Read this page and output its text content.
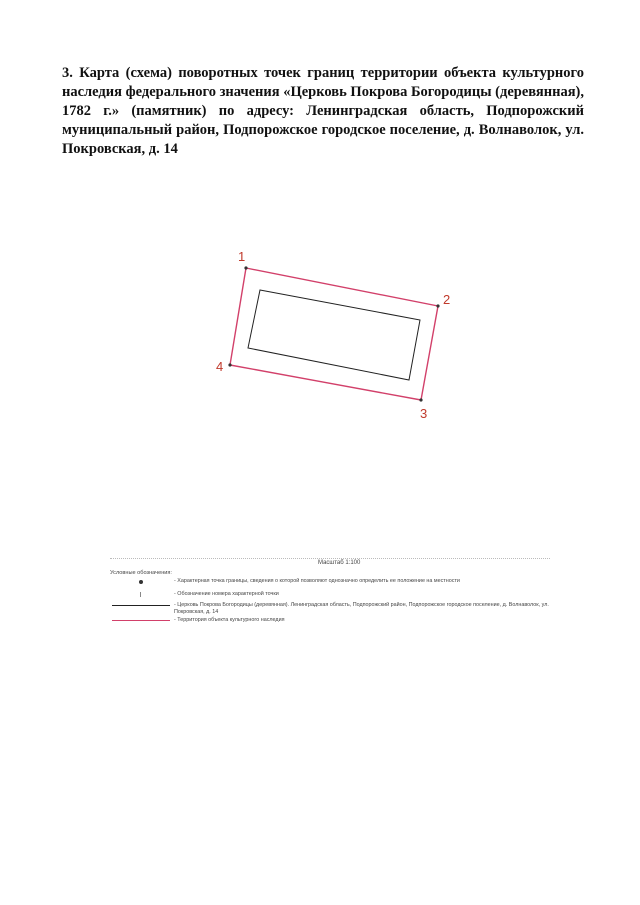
3. Карта (схема) поворотных точек границ территории объекта культурного наследия федерального значения «Церковь Покрова Богородицы (деревянная), 1782 г.» (памятник) по адресу: Ленинградская область, Подпорожский муниципальный район, Подпорожское городское поселение, д. Волнаволок, ул. Покровская, д. 14
1
2
3
4
Масштаб 1:100
Условные обозначения:
- Характерная точка границы, сведения о которой позволяют однозначно определить ее положение на местности
- Обозначение номера характерной точки
- Церковь Покрова Богородицы (деревянная). Ленинградская область, Подпорожский район, Подпорожское городское поселение, д. Волнаволок, ул. Покровская, д. 14
- Территория объекта культурного наследия
